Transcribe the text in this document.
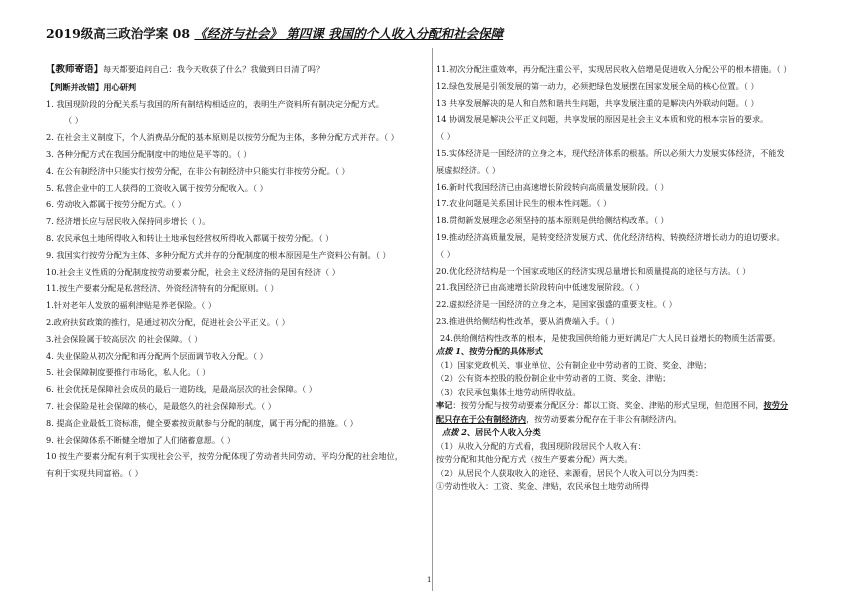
2019级高三政治学案 08 《经济与社会》 第四课 我国的个人收入分配和社会保障
【教师寄语】每天都要追问自己：我今天收获了什么？我做到日日清了吗？
【判断并改错】用心研判
1. 我国现阶段的分配关系与我国的所有制结构相适应的，表明生产资料所有制决定分配方式。
（ ）
2. 在社会主义制度下，个人消费品分配的基本原则是以按劳分配为主体，多种分配方式并存。（ ）
3. 各种分配方式在我国分配制度中的地位是平等的。（ ）
4. 在公有制经济中只能实行按劳分配，在非公有制经济中只能实行非按劳分配。（ ）
5. 私营企业中的工人获得的工资收入属于按劳分配收入。（ ）
6. 劳动收入都属于按劳分配方式。（ ）
7. 经济增长应与居民收入保持同步增长（ ）。
8. 农民承包土地所得收入和转让土地承包经营权所得收入都属于按劳分配。（ ）
9. 我国实行按劳分配为主体、多种分配方式并存的分配制度的根本原因是生产资料公有制。（ ）
10.社会主义性质的分配制度按劳动要素分配，社会主义经济指的是国有经济（ ）
11.按生产要素分配是私营经济、外资经济特有的分配原则。（ ）
1.针对老年人发放的福利津贴是养老保险。（ ）
2.政府扶贫政策的推行，是通过初次分配，促进社会公平正义。（ ）
3.社会保险属于较高层次 的社会保障。（ ）
4. 失业保险从初次分配和再分配两个层面调节收入分配。（ ）
5. 社会保障制度要推行市场化，私人化。（ ）
6. 社会优抚是保障社会成员的最后一道防线，是最高层次的社会保障。（ ）
7. 社会保险是社会保障的核心，是最悠久的社会保障形式。（ ）
8. 提高企业最低工资标准，健全要素按贡献参与分配的制度，属于再分配的措施。（ ）
9. 社会保障体系不断健全增加了人们储蓄意愿。（ ）
10 按生产要素分配有利于实现社会公平，按劳分配体现了劳动者共同劳动、平均分配的社会地位，
有利于实现共同富裕。（ ）
11.初次分配注重效率，再分配注重公平，实现居民收入倍增是促进收入分配公平的根本措施。（ ）
12.绿色发展是引领发展的第一动力，必须把绿色发展摆在国家发展全局的核心位置。（ ）
13 共享发展解决的是人和自然和谐共生问题，共享发展注重的是解决内外联动问题。（ ）
14 协调发展是解决公平正义问题，共享发展的原因是社会主义本质和党的根本宗旨的要求。
（ ）
15.实体经济是一国经济的立身之本，现代经济体系的根基。所以必须大力发展实体经济，不能发
展虚拟经济。（ ）
16.新时代我国经济已由高速增长阶段转向高质量发展阶段。（ ）
17.农业问题是关系国计民生的根本性问题。（ ）
18.贯彻新发展理念必须坚持的基本原则是供给侧结构改革。（ ）
19.推动经济高质量发展，是转变经济发展方式、优化经济结构、转换经济增长动力的迫切要求。
（ ）
20.优化经济结构是一个国家或地区的经济实现总量增长和质量提高的途径与方法。（ ）
21.我国经济已由高速增长阶段转向中低速发展阶段。（ ）
22.虚拟经济是一国经济的立身之本，是国家强盛的重要支柱。（ ）
23.推进供给侧结构性改革，要从消费端入手。（ ）
24.供给侧结构性改革的根本，是使我国供给能力更好满足广大人民日益增长的物质生活需要。
点拨 1、按劳分配的具体形式
（1）国家党政机关、事业单位、公有制企业中劳动者的工资、奖金、津贴；
（2）公有资本控股的股份制企业中劳动者的工资、奖金、津贴；
（3）农民承包集体土地劳动所得收益。
率记：按劳分配与按劳动要素分配区分：都以工资、奖金、津贴的形式呈现，但范围不同，按劳分
配只存在于公有制经济内，按劳动要素分配存在于非公有制经济内。
点拨 2、居民个人收入分类
（1）从收入分配的方式看，我国现阶段居民个人收入有：
按劳分配和其他分配方式（按生产要素分配）两大类。
（2）从居民个人获取收入的途径、来源看，居民个人收入可以分为四类：
①劳动性收入：工资、奖金、津贴，农民承包土地劳动所得
1
